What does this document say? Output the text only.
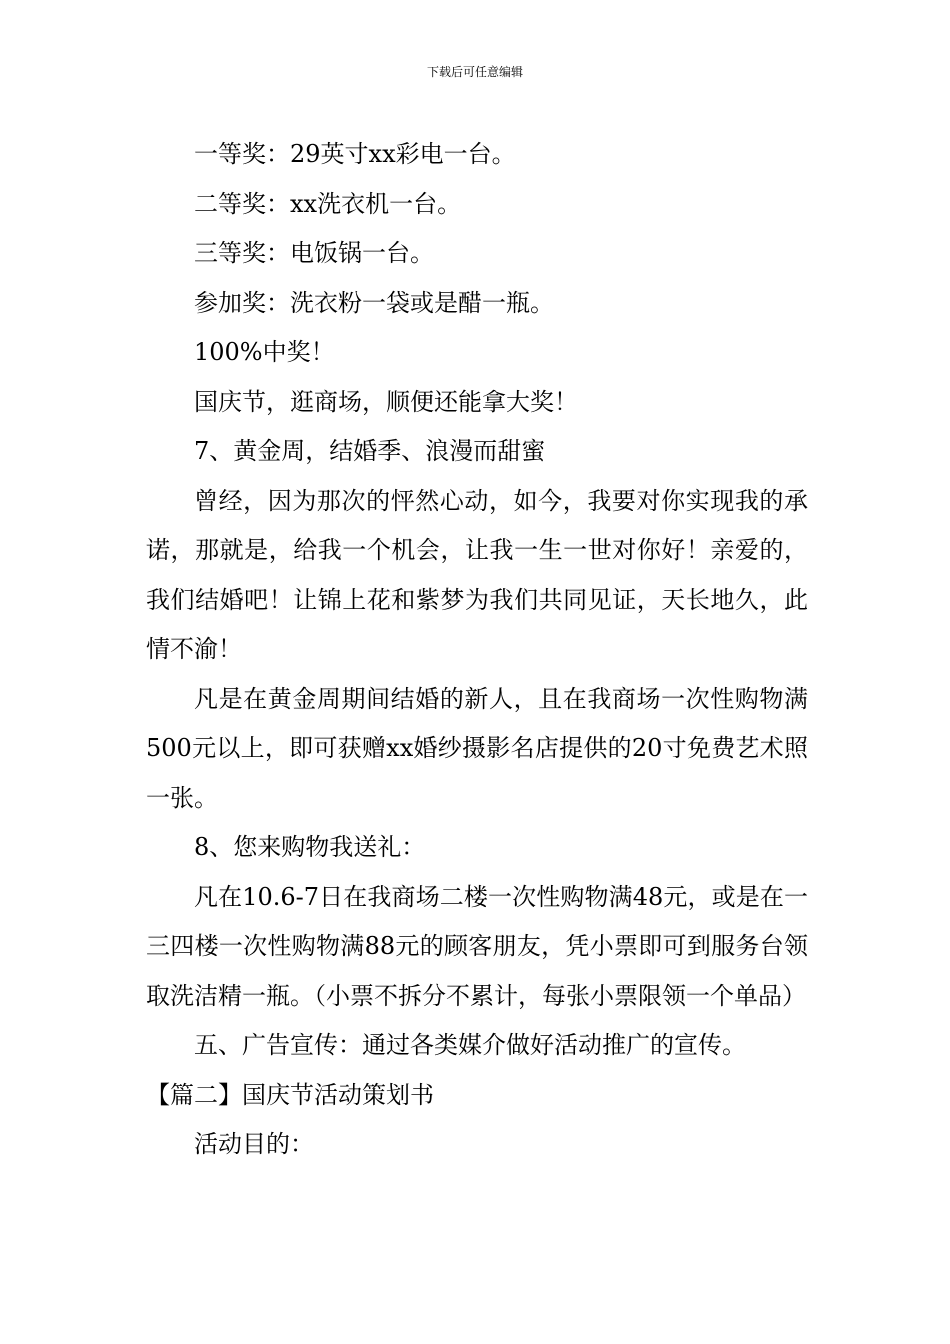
下载后可任意编辑

一等奖：29英寸xx彩电一台。

二等奖：xx洗衣机一台。

三等奖：电饭锅一台。

参加奖：洗衣粉一袋或是醋一瓶。

100%中奖！

国庆节，逛商场，顺便还能拿大奖！

7、黄金周，结婚季、浪漫而甜蜜

曾经，因为那次的怦然心动，如今，我要对你实现我的承诺，那就是，给我一个机会，让我一生一世对你好！亲爱的，我们结婚吧！让锦上花和紫梦为我们共同见证，天长地久，此情不渝！

凡是在黄金周期间结婚的新人，且在我商场一次性购物满500元以上，即可获赠xx婚纱摄影名店提供的20寸免费艺术照一张。

8、您来购物我送礼：

凡在10.6-7日在我商场二楼一次性购物满48元，或是在一三四楼一次性购物满88元的顾客朋友，凭小票即可到服务台领取洗洁精一瓶。（小票不拆分不累计，每张小票限领一个单品）

五、广告宣传：通过各类媒介做好活动推广的宣传。

【篇二】国庆节活动策划书

活动目的：
